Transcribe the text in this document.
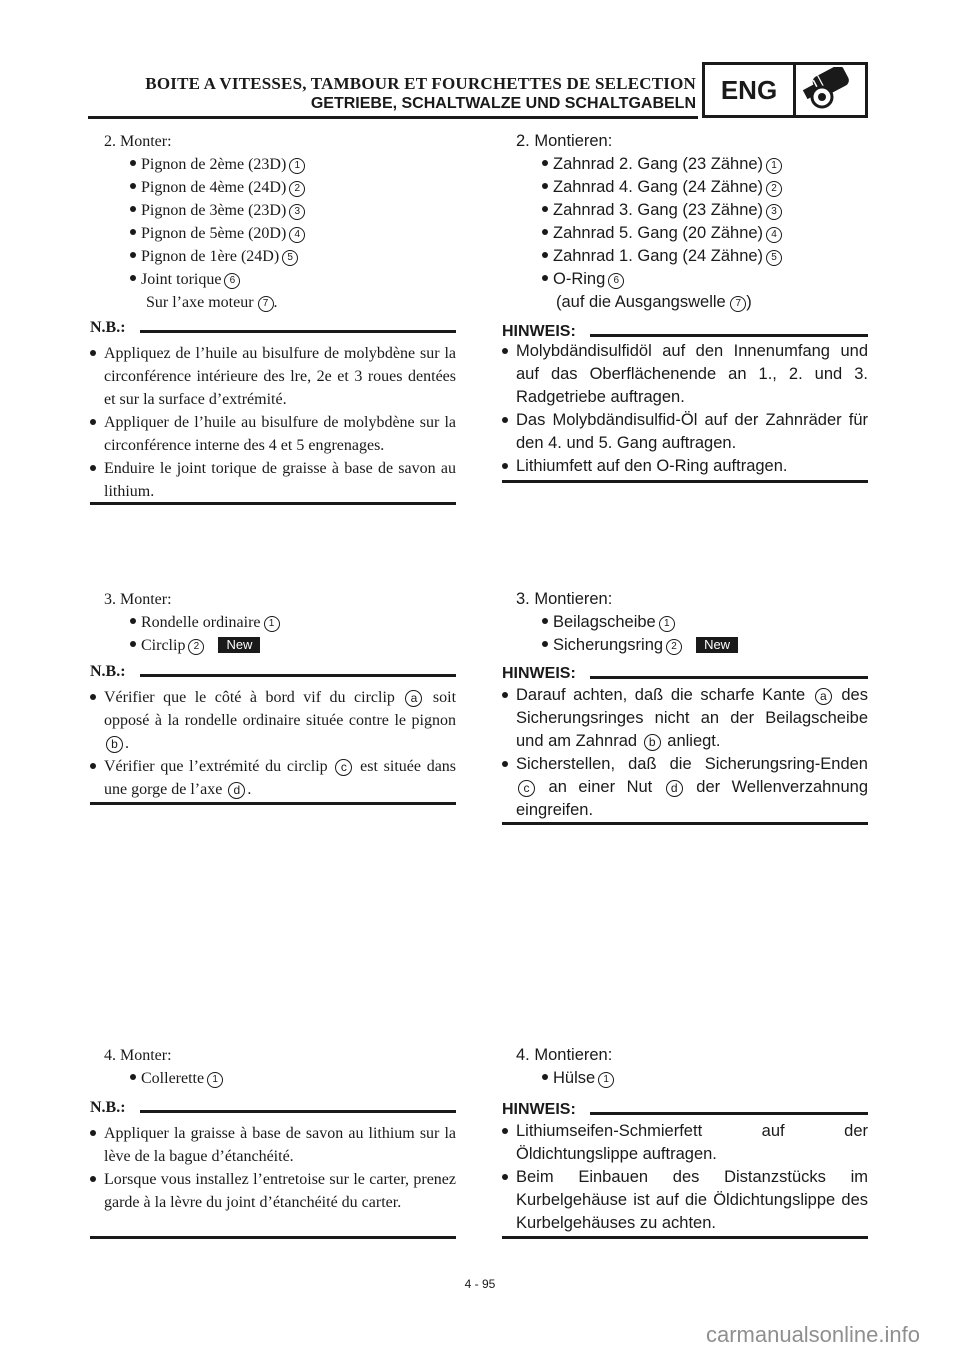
BOITE A VITESSES, TAMBOUR ET FOURCHETTES DE SELECTION
GETRIEBE, SCHALTWALZE UND SCHALTGABELN ENG
2. Monter:
Pignon de 2ème (23D) 1
Pignon de 4ème (24D) 2
Pignon de 3ème (23D) 3
Pignon de 5ème (20D) 4
Pignon de 1ère (24D) 5
Joint torique 6
Sur l’axe moteur 7 .
N.B.:
Appliquez de l’huile au bisulfure de molybdène sur la circonférence intérieure des lre, 2e et 3 roues dentées et sur la surface d’extrémité.
Appliquer de l’huile au bisulfure de molybdène sur la circonférence interne des 4 et 5 engrenages.
Enduire le joint torique de graisse à base de savon au lithium.
3. Monter:
Rondelle ordinaire 1
Circlip 2 New
N.B.:
Vérifier que le côté à bord vif du circlip a soit opposé à la rondelle ordinaire située contre le pignon b .
Vérifier que l’extrémité du circlip c est située dans une gorge de l’axe d .
4. Monter:
Collerette 1
N.B.:
Appliquer la graisse à base de savon au lithium sur la lève de la bague d’étanchéité.
Lorsque vous installez l’entretoise sur le carter, prenez garde à la lèvre du joint d’étanchéité du carter.
2. Montieren:
Zahnrad 2. Gang (23 Zähne) 1
Zahnrad 4. Gang (24 Zähne) 2
Zahnrad 3. Gang (23 Zähne) 3
Zahnrad 5. Gang (20 Zähne) 4
Zahnrad 1. Gang (24 Zähne) 5
O-Ring 6
(auf die Ausgangswelle 7 )
HINWEIS:
Molybdändisulfidöl auf den Innenumfang und auf das Oberflächenende an 1., 2. und 3. Radgetriebe auftragen.
Das Molybdändisulfid-Öl auf der Zahnräder für den 4. und 5. Gang auftragen.
Lithiumfett auf den O-Ring auftragen.
3. Montieren:
Beilagscheibe 1
Sicherungsring 2 New
HINWEIS:
Darauf achten, daß die scharfe Kante a des Sicherungsringes nicht an der Beilagscheibe und am Zahnrad b anliegt.
Sicherstellen, daß die Sicherungsring-Enden c an einer Nut d der Wellenverzahnung eingreifen.
4. Montieren:
Hülse 1
HINWEIS:
Lithiumseifen-Schmierfett auf der Öldichtungslippe auftragen.
Beim Einbauen des Distanzstücks im Kurbelgehäuse ist auf die Öldichtungslippe des Kurbelgehäuses zu achten.
4 - 95
carmanualsonline.info
